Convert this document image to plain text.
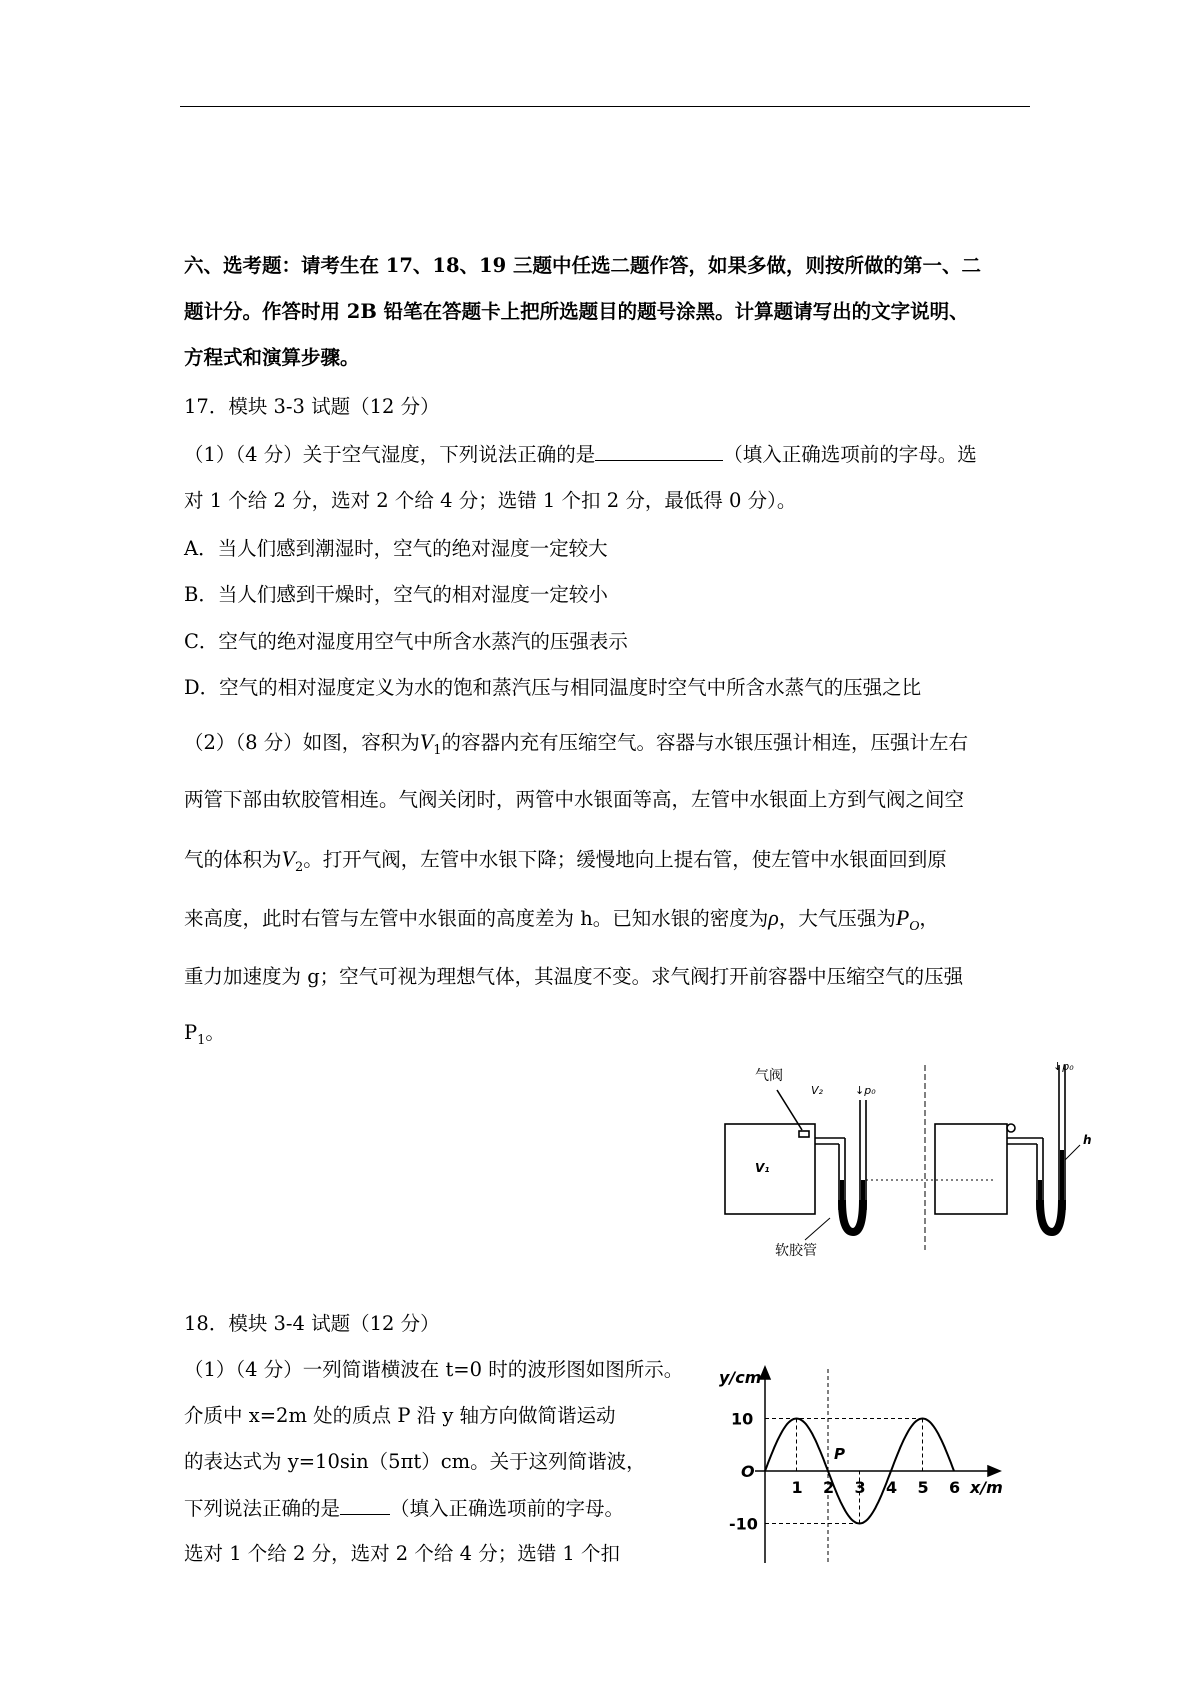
六、选考题：请考生在 17、18、19 三题中任选二题作答，如果多做，则按所做的第一、二
题计分。作答时用 2B 铅笔在答题卡上把所选题目的题号涂黑。计算题请写出的文字说明、
方程式和演算步骤。
17．模块 3-3 试题（12 分）
（1）（4 分）关于空气湿度，下列说法正确的是	（填入正确选项前的字母。选
对 1 个给 2 分，选对 2 个给 4 分；选错 1 个扣 2 分，最低得 0 分）。
A．当人们感到潮湿时，空气的绝对湿度一定较大
B．当人们感到干燥时，空气的相对湿度一定较小
C．空气的绝对湿度用空气中所含水蒸汽的压强表示
D．空气的相对湿度定义为水的饱和蒸汽压与相同温度时空气中所含水蒸气的压强之比
（2）（8 分）如图，容积为$V_1$的容器内充有压缩空气。容器与水银压强计相连，压强计左右
两管下部由软胶管相连。气阀关闭时，两管中水银面等高，左管中水银面上方到气阀之间空
气的体积为$V_2$。打开气阀，左管中水银下降；缓慢地向上提右管，使左管中水银面回到原
来高度，此时右管与左管中水银面的高度差为 h。已知水银的密度为ρ，大气压强为$P_O$，
重力加速度为 g；空气可视为理想气体，其温度不变。求气阀打开前容器中压缩空气的压强
$P_1$。
气阀
V₂	↓p₀
V₁
软胶管
↓p₀
h
18．模块 3-4 试题（12 分）
（1）（4 分）一列简谐横波在 t=0 时的波形图如图所示。
介质中 x=2m 处的质点 P 沿 y 轴方向做简谐运动
的表达式为 y=10sin（5πt）cm。关于这列简谐波，
下列说法正确的是	（填入正确选项前的字母。
选对 1 个给 2 分，选对 2 个给 4 分；选错 1 个扣
1 2 3 4 5 6
10
-10
y/cm
x/m
O
P
